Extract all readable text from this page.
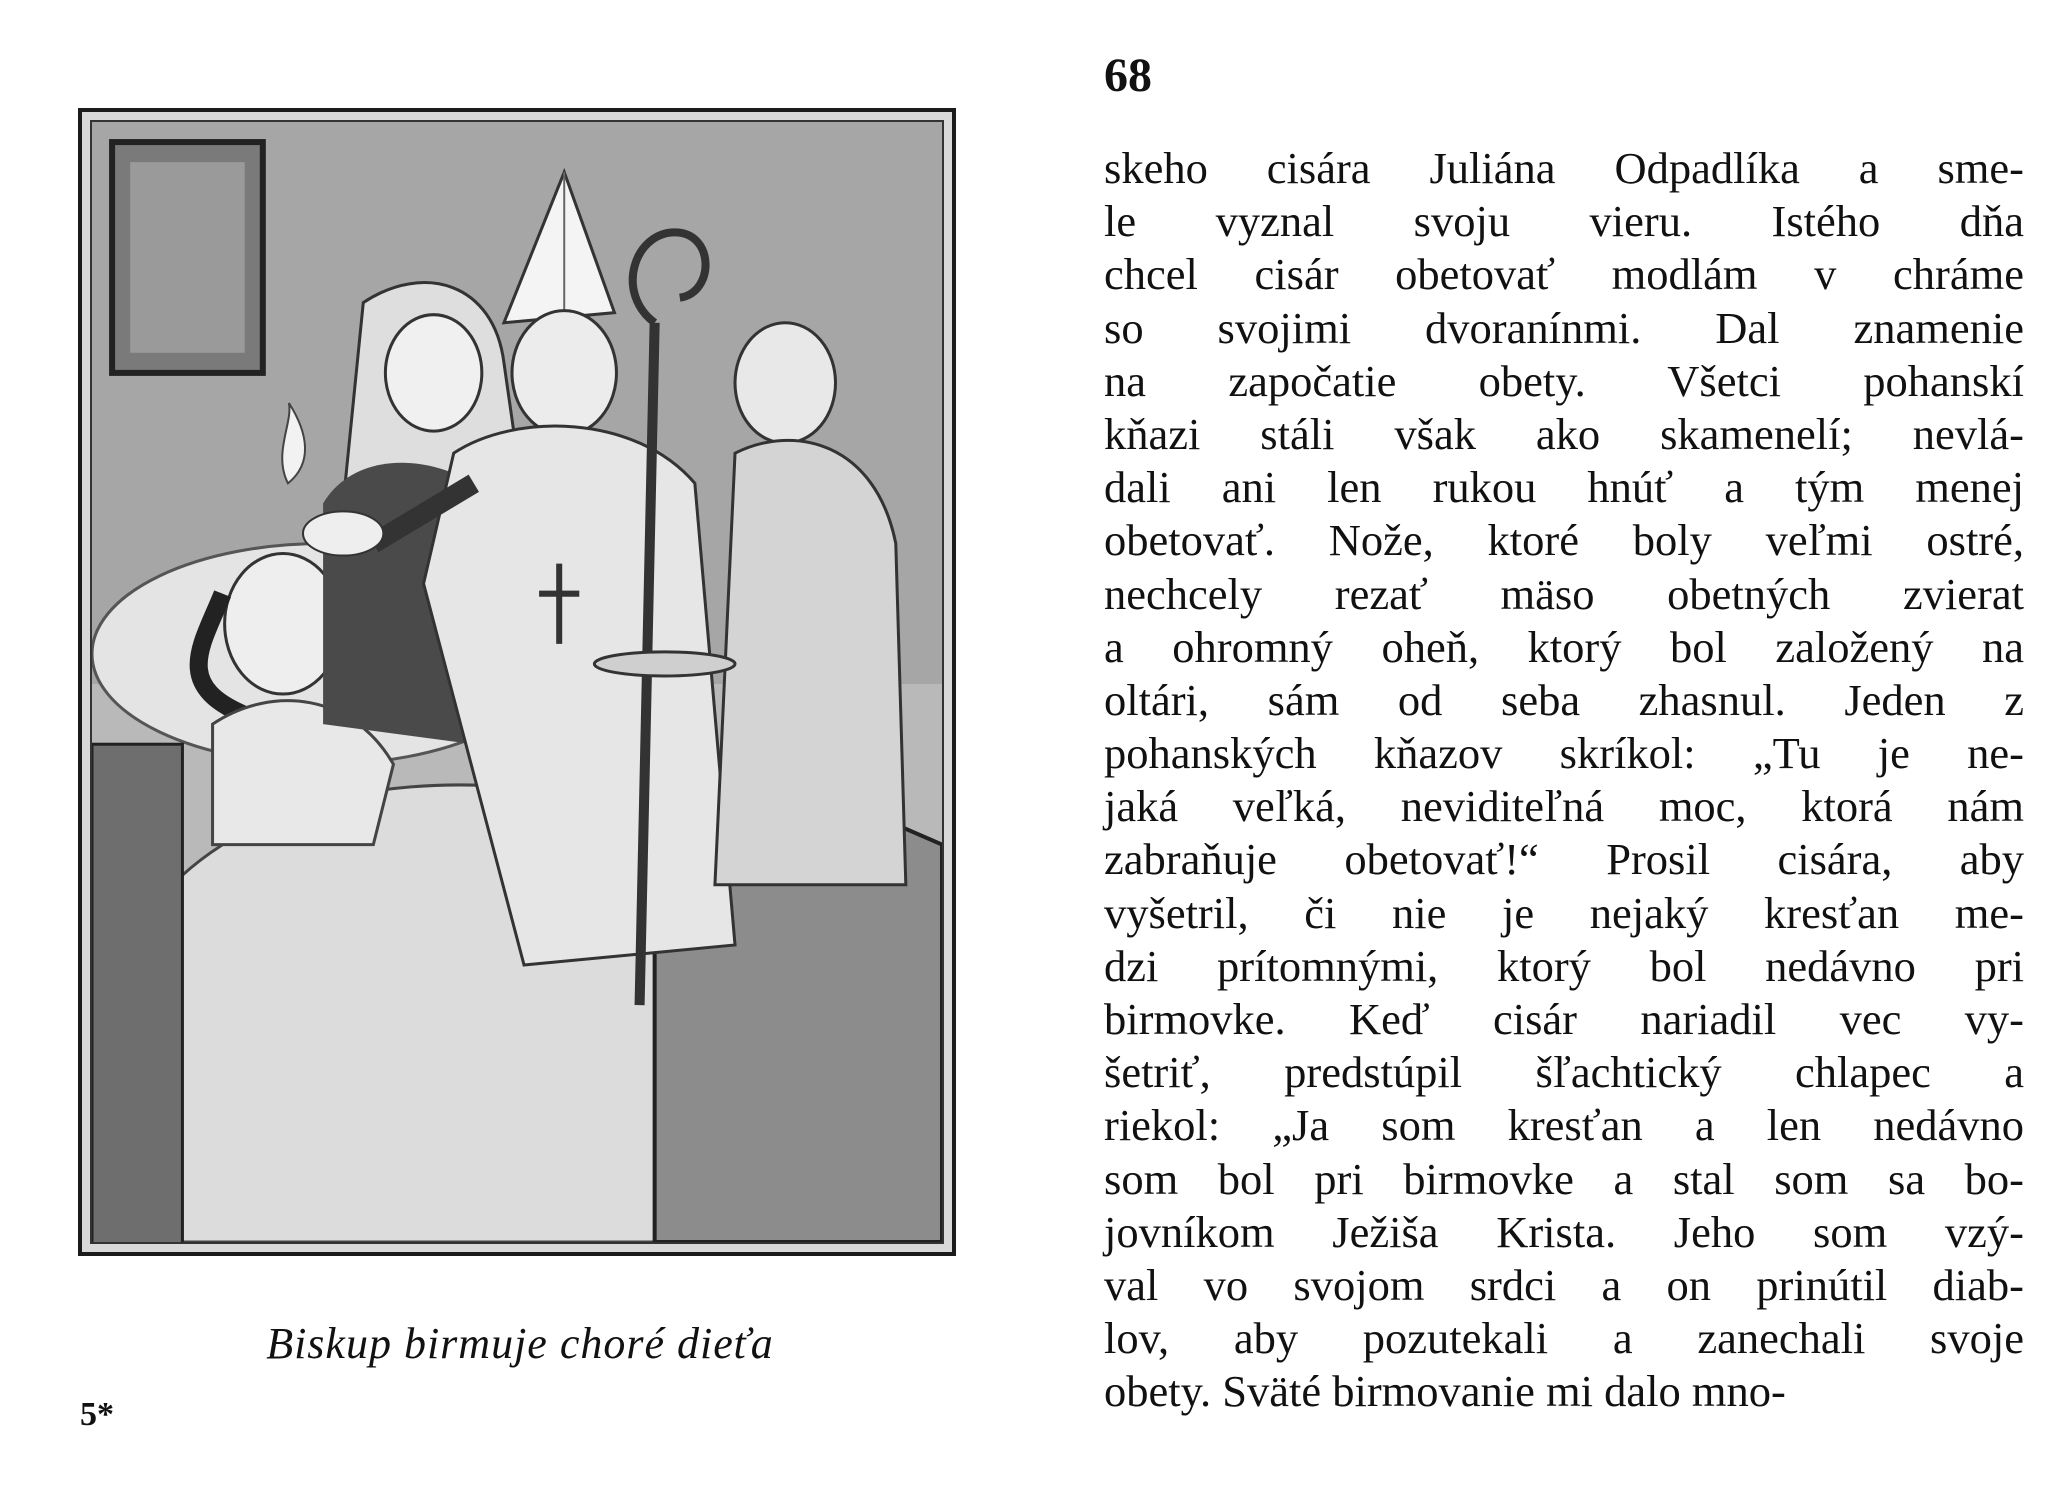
Biskup birmuje choré dieťa
5*
68
skeho cisára Juliána Odpadlíka a sme-
le vyznal svoju vieru. Istého dňa
chcel cisár obetovať modlám v chráme
so svojimi dvoranínmi. Dal znamenie
na započatie obety. Všetci pohanskí
kňazi stáli však ako skamenelí; nevlá-
dali ani len rukou hnúť a tým menej
obetovať. Nože, ktoré boly veľmi ostré,
nechcely rezať mäso obetných zvierat
a ohromný oheň, ktorý bol založený na
oltári, sám od seba zhasnul. Jeden z
pohanských kňazov skríkol: „Tu je ne-
jaká veľká, neviditeľná moc, ktorá nám
zabraňuje obetovať!“ Prosil cisára, aby
vyšetril, či nie je nejaký kresťan me-
dzi prítomnými, ktorý bol nedávno pri
birmovke. Keď cisár nariadil vec vy-
šetriť, predstúpil šľachtický chlapec a
riekol: „Ja som kresťan a len nedávno
som bol pri birmovke a stal som sa bo-
jovníkom Ježiša Krista. Jeho som vzý-
val vo svojom srdci a on prinútil diab-
lov, aby pozutekali a zanechali svoje
obety. Sväté birmovanie mi dalo mno-
